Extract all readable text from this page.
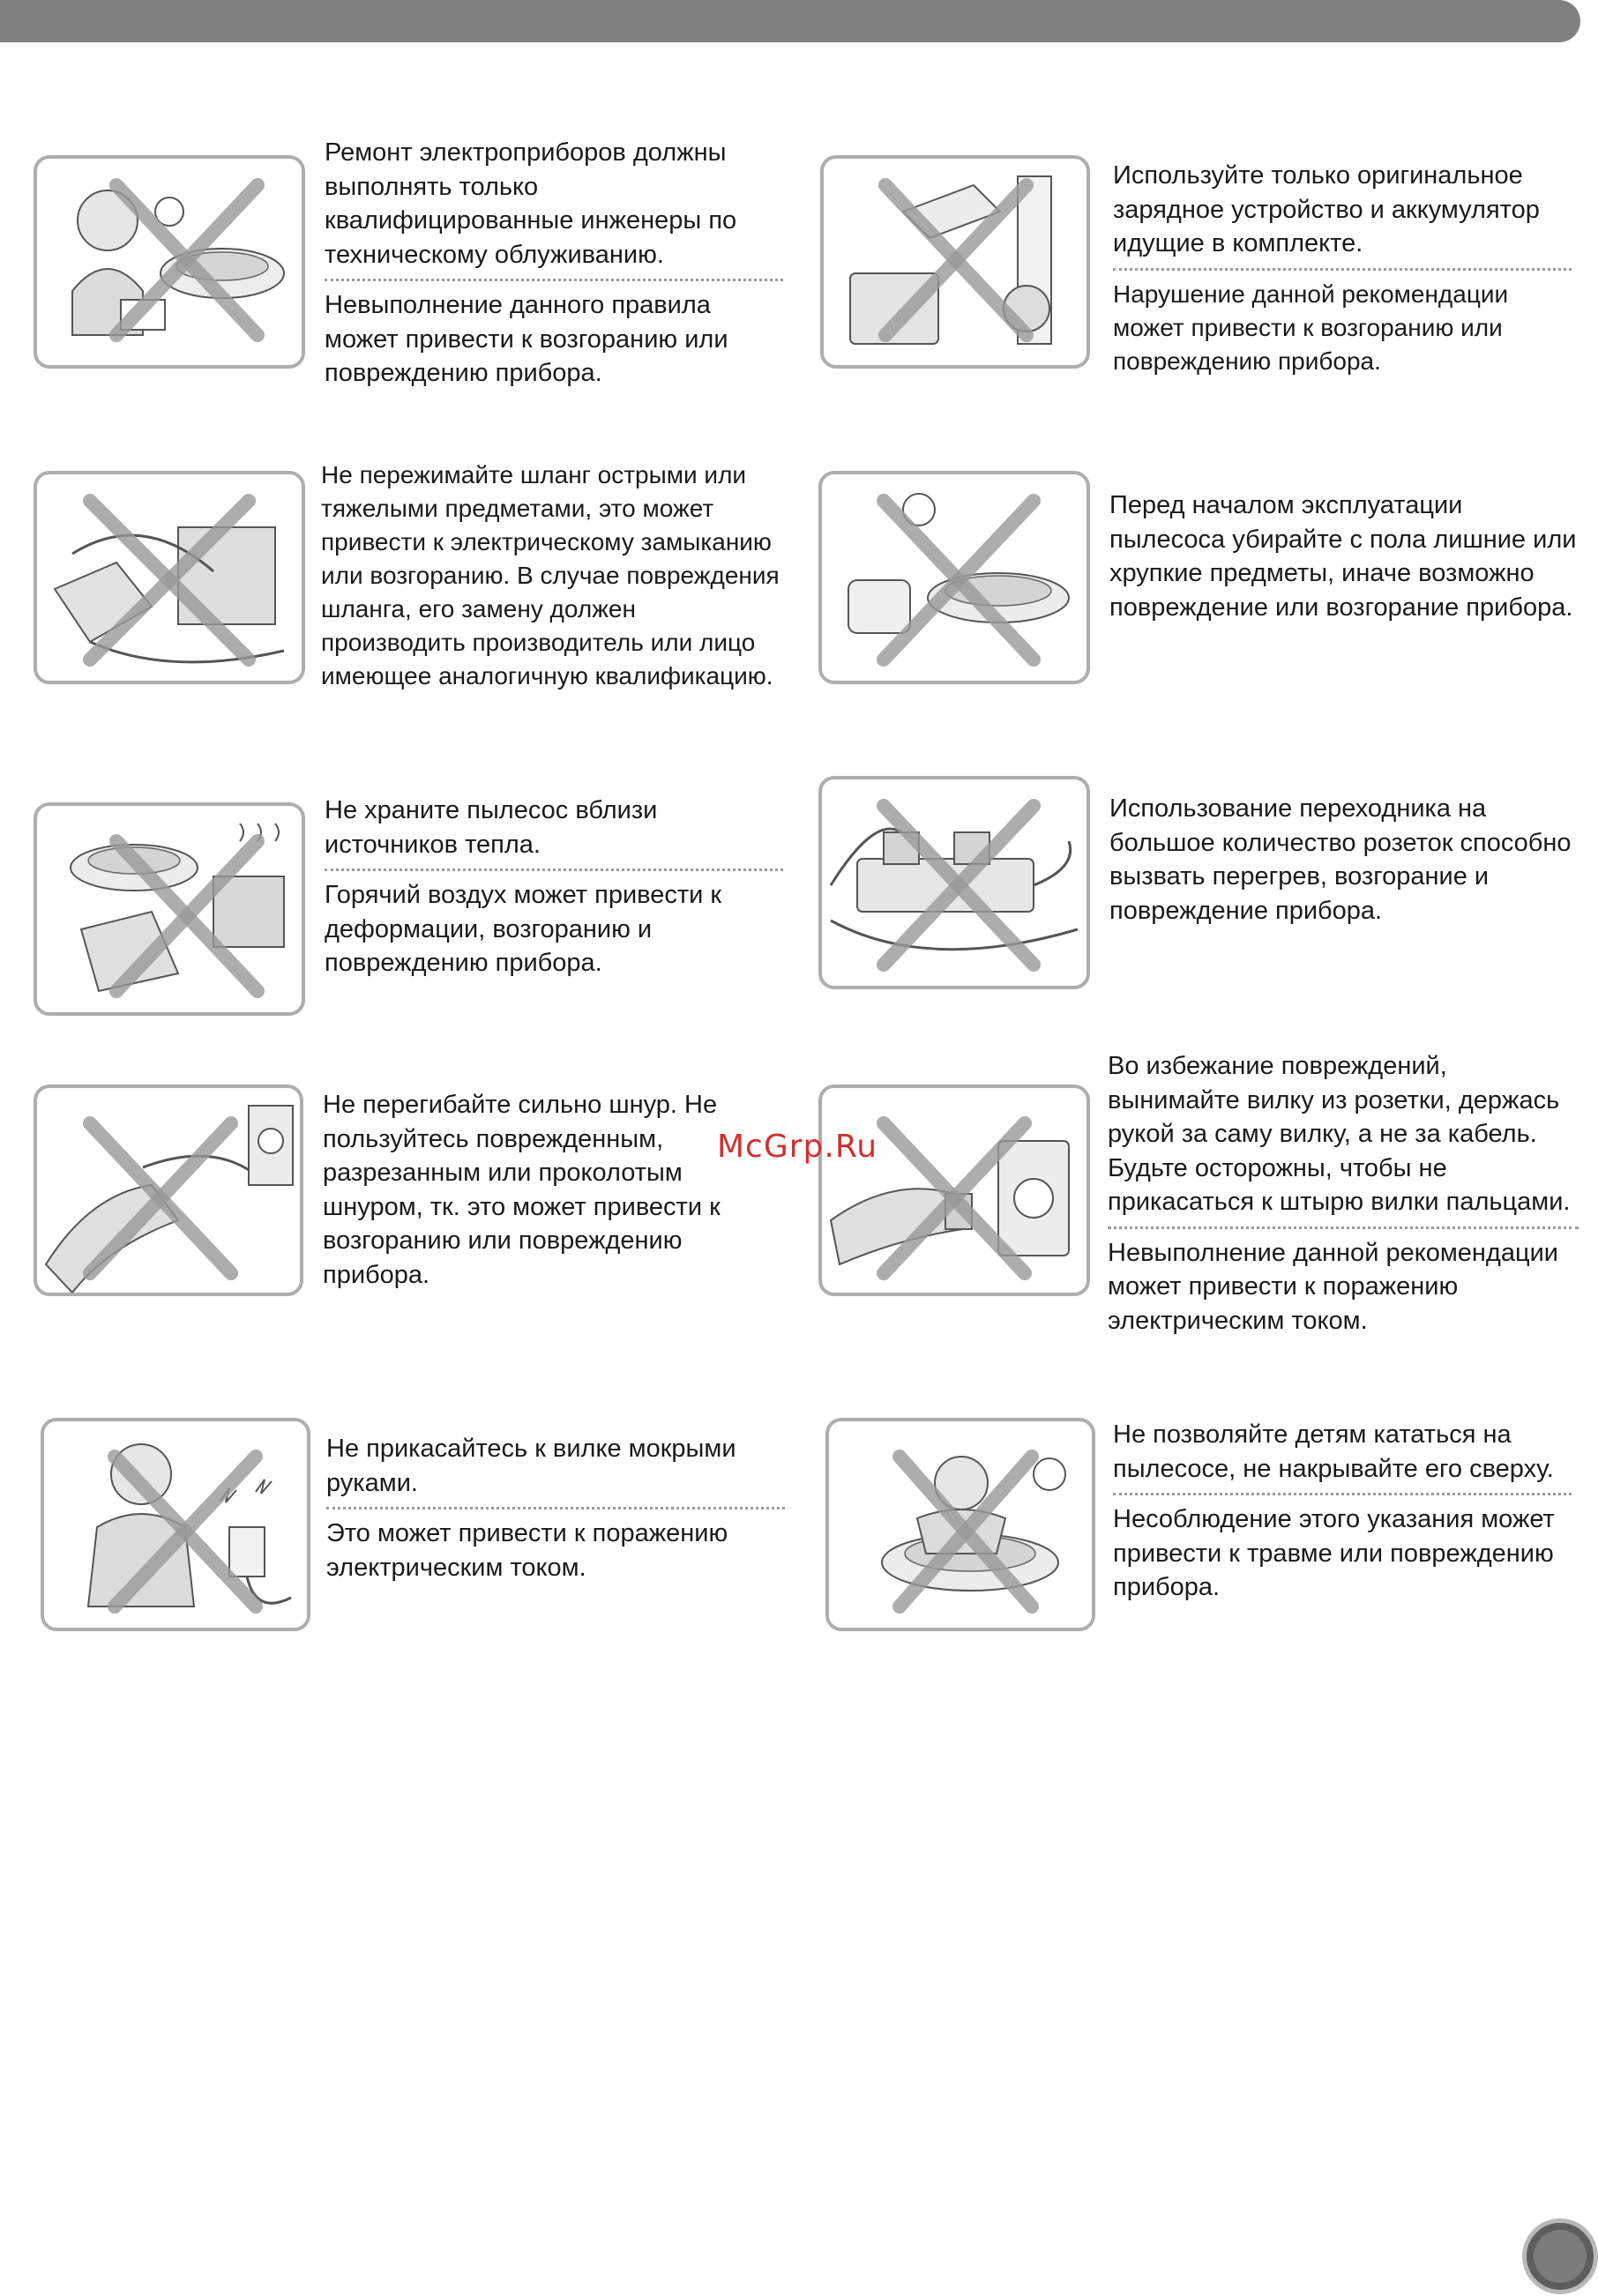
Ремонт электроприборов должны выполнять только квалифицированные инженеры по техническому облуживанию.

Невыполнение данного правила может привести к возгоранию или повреждению прибора.

Используйте только оригинальное зарядное устройство и аккумулятор идущие в комплекте.

Нарушение данной рекомендации может привести к возгоранию или повреждению прибора.

Не пережимайте шланг острыми или тяжелыми предметами, это может привести к электрическому замыканию или возгоранию. В случае повреждения шланга, его замену должен производить производитель или лицо имеющее аналогичную квалификацию.

Перед началом эксплуатации пылесоса убирайте с пола лишние или хрупкие предметы, иначе возможно повреждение или возгорание прибора.

Не храните пылесос вблизи источников тепла.

Горячий воздух может привести к деформации, возгоранию и повреждению прибора.

Использование переходника на большое количество розеток способно вызвать перегрев, возгорание и повреждение прибора.

Не перегибайте сильно шнур. Не пользуйтесь поврежденным, разрезанным или проколотым шнуром, тк. это может привести к возгоранию или повреждению прибора.

Во избежание повреждений, вынимайте вилку из розетки, держась рукой за саму вилку, а не за кабель. Будьте осторожны, чтобы не прикасаться к штырю вилки пальцами.

Невыполнение данной рекомендации может привести к поражению электрическим током.

Не прикасайтесь к вилке мокрыми руками.

Это может привести к поражению электрическим током.

Не позволяйте детям кататься на пылесосе, не накрывайте его сверху.

Несоблюдение этого указания может привести к травме или повреждению прибора.

McGrp.Ru
